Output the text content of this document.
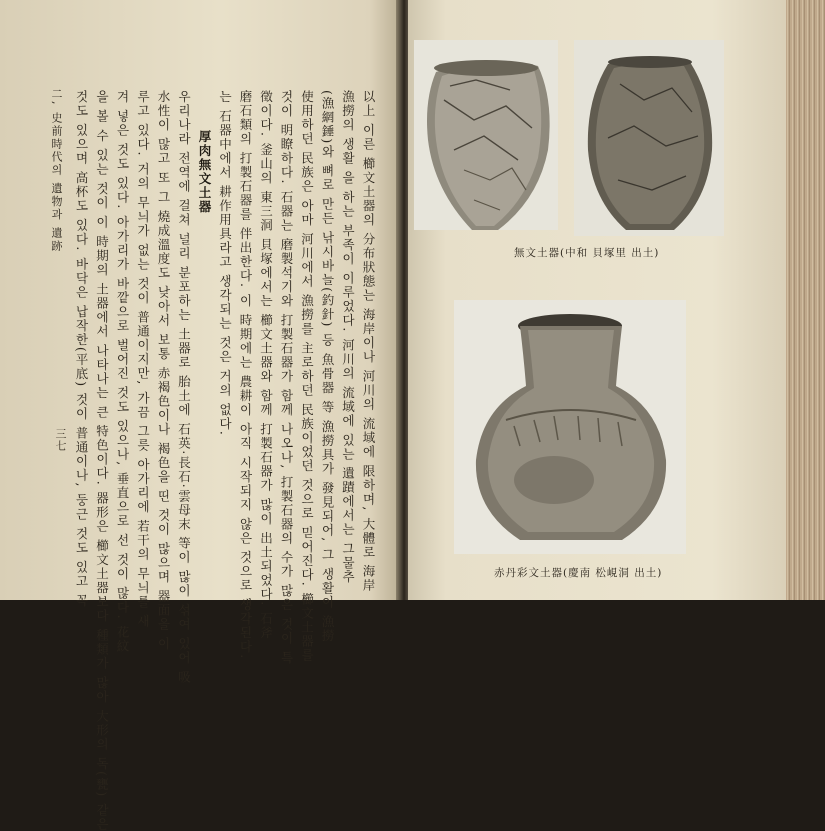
二, 史前時代의 遺物과 遺跡
三七	以上 이른 櫛文土器의 分布狀態는 海岸이나 河川의 流域에 限하며, 大體로 海岸
漁撈의 생활 을 하는 부족이 이루었다. 河川의 流域에 있는 遺蹟에서는 그물추
(漁網錘)와 뼈로 만든 낚시바늘(釣針) 등 魚骨器 等 漁撈具가 發見되어, 그 생활이 漁撈
使用하던 民族은 아마 河川에서 漁撈를 主로하던 民族이었던 것으로 믿어진다. 櫛文土器를
것이 明瞭하다. 石器는 磨製석기와 打製石器가 함께 나오나, 打製石器의 수가 많은 것이 특
徵이다. 釜山의 東三洞 貝塚에서는 櫛文土器와 함께 打製石器가 많이 出土되었다. 石斧
磨石類의 打製石器를 伴出한다. 이 時期에는 農耕이 아직 시작되지 않은 것으로 생각된다.
는 石器中에서 耕作用具라고 생각되는 것은 거의 없다.
厚肉無文土器
우리나라 전역에 걸쳐 널리 분포하는 土器로 胎土에 石英·長石·雲母末 等이 많이 섞여 있어 吸
水性이 많고 또 그 燒成溫度도 낮아서 보통 赤褐色이나 褐色을 띤 것이 많으며 器面을 이
루고 있다. 거의 무늬가 없는 것이 普通이지만, 가끔 그릇 아가리에 若干의 무늬를 새
겨 넣은 것도 있다. 아가리가 바깥으로 벌어진 것도 있으나, 垂直으로 선 것이 많다. 花紋
을 볼 수 있는 것이 이 時期의 土器에서 나타나는 큰 特色이다. 器形은 櫛文土器보다 種類가 많아 大形의 독(甕) 같은
것도 있으며 高杯도 있다. 바닥은 납작한(平底) 것이 普通이나, 둥근 것도 있고 꼭	無文土器(中和 貝塚里 出土)
赤丹彩文土器(慶南 松峴洞 出土)
